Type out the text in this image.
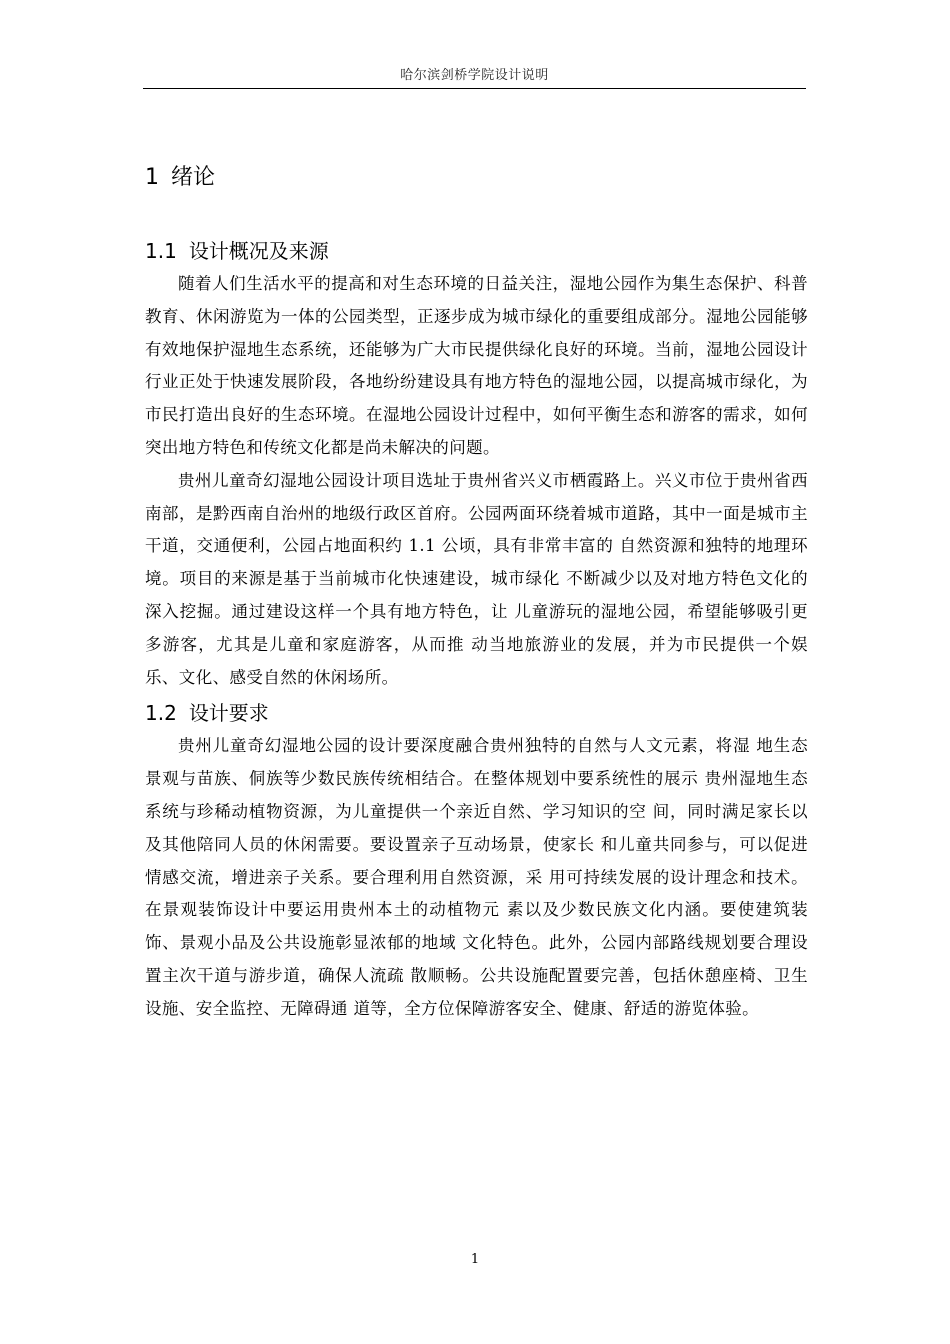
哈尔滨剑桥学院设计说明
1 绪论
1.1 设计概况及来源

随着人们生活水平的提高和对生态环境的日益关注，湿地公园作为集生态保护、科普教育、休闲游览为一体的公园类型，正逐步成为城市绿化的重要组成部分。湿地公园能够有效地保护湿地生态系统，还能够为广大市民提供绿化良好的环境。当前，湿地公园设计行业正处于快速发展阶段，各地纷纷建设具有地方特色的湿地公园，以提高城市绿化，为市民打造出良好的生态环境。在湿地公园设计过程中，如何平衡生态和游客的需求，如何突出地方特色和传统文化都是尚未解决的问题。

贵州儿童奇幻湿地公园设计项目选址于贵州省兴义市栖霞路上。兴义市位于贵州省西南部，是黔西南自治州的地级行政区首府。公园两面环绕着城市道路，其中一面是城市主干道，交通便利，公园占地面积约 1.1 公顷，具有非常丰富的 自然资源和独特的地理环境。项目的来源是基于当前城市化快速建设，城市绿化 不断减少以及对地方特色文化的深入挖掘。通过建设这样一个具有地方特色，让 儿童游玩的湿地公园，希望能够吸引更多游客，尤其是儿童和家庭游客，从而推 动当地旅游业的发展，并为市民提供一个娱乐、文化、感受自然的休闲场所。

1.2 设计要求

贵州儿童奇幻湿地公园的设计要深度融合贵州独特的自然与人文元素，将湿 地生态景观与苗族、侗族等少数民族传统相结合。在整体规划中要系统性的展示 贵州湿地生态系统与珍稀动植物资源，为儿童提供一个亲近自然、学习知识的空 间，同时满足家长以及其他陪同人员的休闲需要。要设置亲子互动场景，使家长 和儿童共同参与，可以促进情感交流，增进亲子关系。要合理利用自然资源，采 用可持续发展的设计理念和技术。在景观装饰设计中要运用贵州本土的动植物元 素以及少数民族文化内涵。要使建筑装饰、景观小品及公共设施彰显浓郁的地域 文化特色。此外，公园内部路线规划要合理设置主次干道与游步道，确保人流疏 散顺畅。公共设施配置要完善，包括休憩座椅、卫生设施、安全监控、无障碍通 道等，全方位保障游客安全、健康、舒适的游览体验。

1
